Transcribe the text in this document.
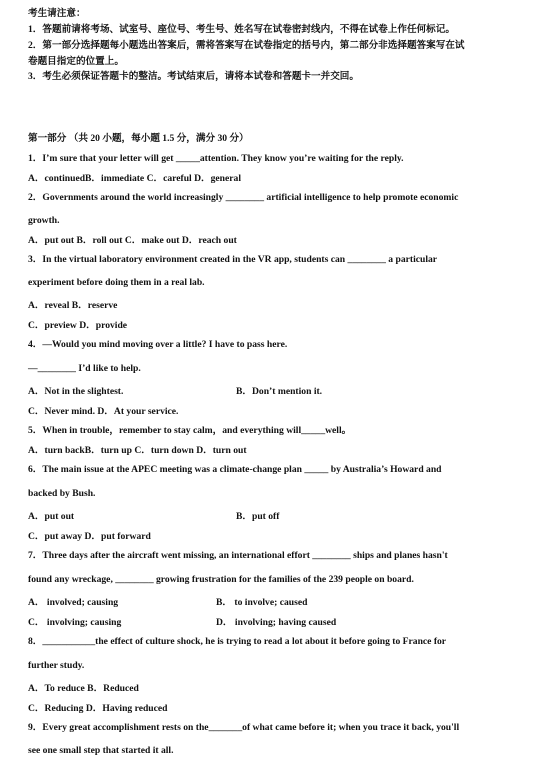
考生请注意：
1．答题前请将考场、试室号、座位号、考生号、姓名写在试卷密封线内，不得在试卷上作任何标记。
2．第一部分选择题每小题选出答案后，需将答案写在试卷指定的括号内，第二部分非选择题答案写在试
卷题目指定的位置上。
3．考生必须保证答题卡的整洁。考试结束后，请将本试卷和答题卡一并交回。
第一部分 （共 20 小题，每小题 1.5 分，满分 30 分）
1．I’m sure that your letter will get _____attention. They know you’re waiting for the reply.
A．continuedB．immediate C．careful D．general
2．Governments around the world increasingly ________ artificial intelligence to help promote economic
growth.
A．put out B．roll out C．make out D．reach out
3．In the virtual laboratory environment created in the VR app, students can ________ a particular
experiment before doing them in a real lab.
A．reveal B．reserve
C．preview D．provide
4．—Would you mind moving over a little? I have to pass here.
—________ I’d like to help.
A．Not in the slightest.	B．Don’t mention it.
C．Never mind. D．At your service.
5．When in trouble，remember to stay calm，and everything will_____well。
A．turn backB．turn up C．turn down D．turn out
6．The main issue at the APEC meeting was a climate-change plan _____ by Australia’s Howard and
backed by Bush.
A．put out	B．put off
C．put away D．put forward
7．Three days after the aircraft went missing, an international effort ________ ships and planes hasn't
found any wreckage, ________ growing frustration for the families of the 239 people on board.
A． involved; causing	B． to involve; caused
C． involving; causing	D． involving; having caused
8．___________the effect of culture shock, he is trying to read a lot about it before going to France for
further study.
A．To reduce B．Reduced
C．Reducing D．Having reduced
9．Every great accomplishment rests on the_______of what came before it; when you trace it back, you'll
see one small step that started it all.
